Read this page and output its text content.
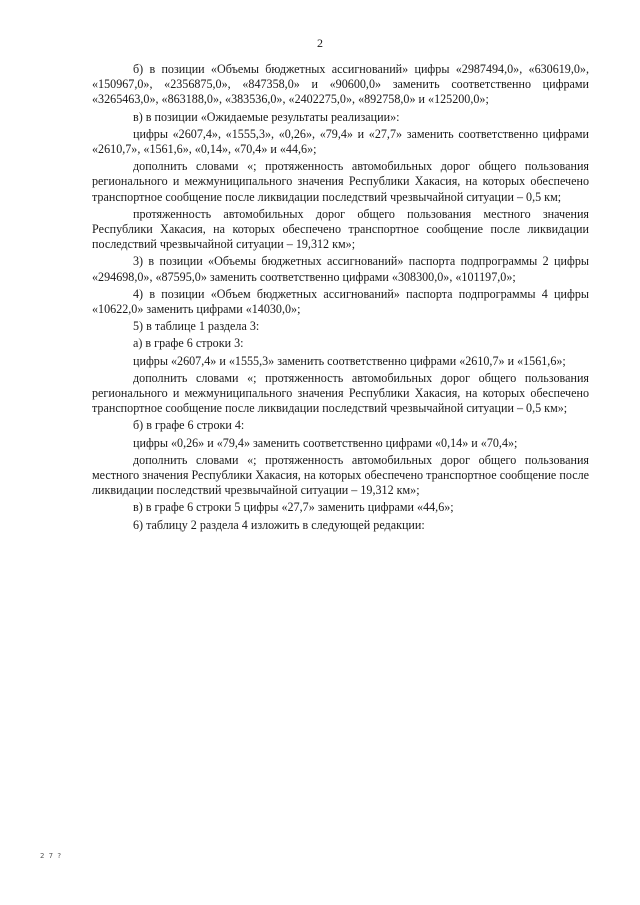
2

б) в позиции «Объемы бюджетных ассигнований» цифры «2987494,0», «630619,0», «150967,0», «2356875,0», «847358,0» и «90600,0» заменить соответственно цифрами «3265463,0», «863188,0», «383536,0», «2402275,0», «892758,0» и «125200,0»;

в) в позиции «Ожидаемые результаты реализации»:

цифры «2607,4», «1555,3», «0,26», «79,4» и «27,7» заменить соответственно цифрами «2610,7», «1561,6», «0,14», «70,4» и «44,6»;

дополнить словами «; протяженность автомобильных дорог общего пользования регионального и межмуниципального значения Республики Хакасия, на которых обеспечено транспортное сообщение после ликвидации последствий чрезвычайной ситуации – 0,5 км;

протяженность автомобильных дорог общего пользования местного значения Республики Хакасия, на которых обеспечено транспортное сообщение после ликвидации последствий чрезвычайной ситуации – 19,312 км»;

3) в позиции «Объемы бюджетных ассигнований» паспорта подпрограммы 2 цифры «294698,0», «87595,0» заменить соответственно цифрами «308300,0», «101197,0»;

4) в позиции «Объем бюджетных ассигнований» паспорта подпрограммы 4 цифры «10622,0» заменить цифрами «14030,0»;

5) в таблице 1 раздела 3:

а) в графе 6 строки 3:

цифры «2607,4» и «1555,3» заменить соответственно цифрами «2610,7» и «1561,6»;

дополнить словами «; протяженность автомобильных дорог общего пользования регионального и межмуниципального значения Республики Хакасия, на которых обеспечено транспортное сообщение после ликвидации последствий чрезвычайной ситуации – 0,5 км»;

б) в графе 6 строки 4:

цифры «0,26» и «79,4» заменить соответственно цифрами «0,14» и «70,4»;

дополнить словами «; протяженность автомобильных дорог общего пользования местного значения Республики Хакасия, на которых обеспечено транспортное сообщение после ликвидации последствий чрезвычайной ситуации – 19,312 км»;

в) в графе 6 строки 5 цифры «27,7» заменить цифрами «44,6»;

6) таблицу 2 раздела 4 изложить в следующей редакции:

2 7 ?
